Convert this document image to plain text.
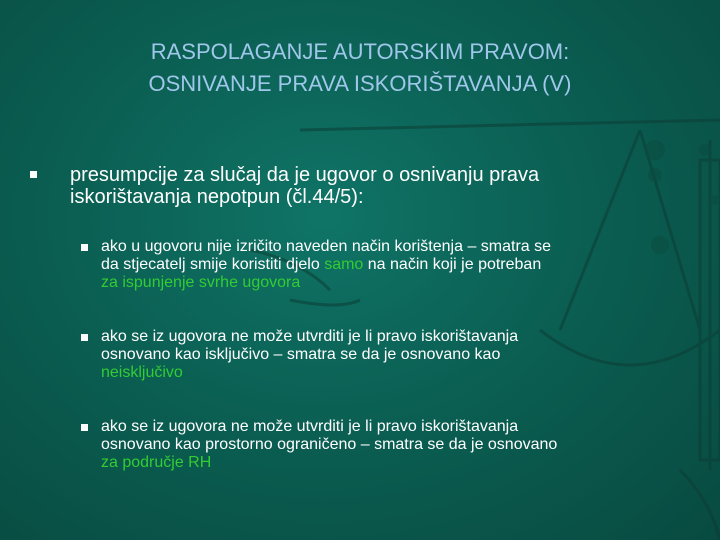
RASPOLAGANJE AUTORSKIM PRAVOM:
OSNIVANJE PRAVA ISKORIŠTAVANJA (V)
presumpcije za slučaj da je ugovor o osnivanju prava
iskorištavanja nepotpun (čl.44/5):
ako u ugovoru nije izričito naveden način korištenja – smatra se
da stjecatelj smije koristiti djelo samo na način koji je potreban
za ispunjenje svrhe ugovora
ako se iz ugovora ne može utvrditi je li pravo iskorištavanja
osnovano kao isključivo – smatra se da je osnovano kao
neisključivo
ako se iz ugovora ne može utvrditi je li pravo iskorištavanja
osnovano kao prostorno ograničeno – smatra se da je osnovano
za područje RH
